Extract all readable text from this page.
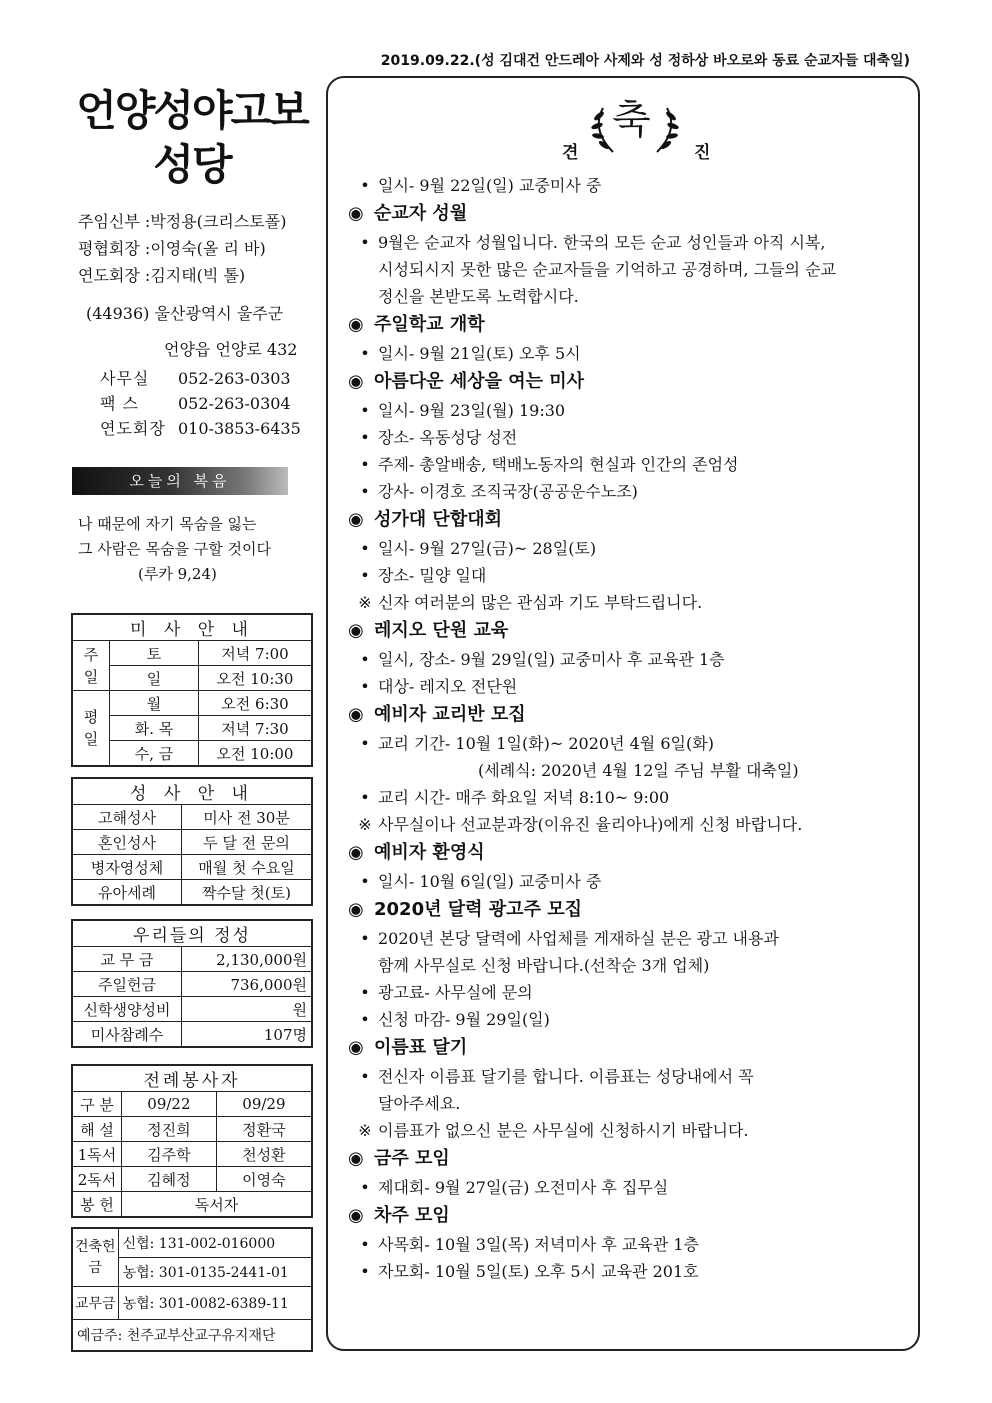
2019.09.22.(성 김대건 안드레아 사제와 성 정하상 바오로와 동료 순교자들 대축일)
언양성야고보
성당
주임신부 :박정용(크리스토폴)
평협회장 :이영숙(올 리 바)
연도회장 :김지태(빅 톨)
(44936) 울산광역시 울주군
언양읍 언양로 432
사무실	052-263-0303
팩 스	052-263-0304
연도회장 010-3853-6435
오늘의 복음
나 때문에 자기 목숨을 잃는
그 사람은 목숨을 구할 것이다
(루카 9,24)
미 사 안 내		
주일	토	저녁 7:00
	일	오전 10:30
평일	월	오전 6:30
	화. 목	저녁 7:30
	수, 금	오전 10:00
성 사 안 내	
고해성사	미사 전 30분
혼인성사	두 달 전 문의
병자영성체	매월 첫 수요일
유아세례	짝수달 첫(토)
우리들의 정성	
교 무 금	2,130,000원
주일헌금	736,000원
신학생양성비	원
미사참례수	107명
전례봉사자		
구 분	09/22	09/29
해 설	정진희	정환국
1독서	김주학	천성환
2독서	김혜정	이영숙
봉 헌	독서자	
건축헌금	신협: 131-002-016000
	농협: 301-0135-2441-01
교무금	농협: 301-0082-6389-11
예금주: 천주교부산교구유지재단	
축
견	진
• 일시- 9월 22일(일) 교중미사 중
◉ 순교자 성월
• 9월은 순교자 성월입니다. 한국의 모든 순교 성인들과 아직 시복,
시성되시지 못한 많은 순교자들을 기억하고 공경하며, 그들의 순교
정신을 본받도록 노력합시다.
◉ 주일학교 개학
• 일시- 9월 21일(토) 오후 5시
◉ 아름다운 세상을 여는 미사
• 일시- 9월 23일(월) 19:30
• 장소- 옥동성당 성전
• 주제- 총알배송, 택배노동자의 현실과 인간의 존엄성
• 강사- 이경호 조직국장(공공운수노조)
◉ 성가대 단합대회
• 일시- 9월 27일(금)~ 28일(토)
• 장소- 밀양 일대
※ 신자 여러분의 많은 관심과 기도 부탁드립니다.
◉ 레지오 단원 교육
• 일시, 장소- 9월 29일(일) 교중미사 후 교육관 1층
• 대상- 레지오 전단원
◉ 예비자 교리반 모집
• 교리 기간- 10월 1일(화)~ 2020년 4월 6일(화)
(세례식: 2020년 4월 12일 주님 부활 대축일)
• 교리 시간- 매주 화요일 저녁 8:10~ 9:00
※ 사무실이나 선교분과장(이유진 율리아나)에게 신청 바랍니다.
◉ 예비자 환영식
• 일시- 10월 6일(일) 교중미사 중
◉ 2020년 달력 광고주 모집
• 2020년 본당 달력에 사업체를 게재하실 분은 광고 내용과
함께 사무실로 신청 바랍니다.(선착순 3개 업체)
• 광고료- 사무실에 문의
• 신청 마감- 9월 29일(일)
◉ 이름표 달기
• 전신자 이름표 달기를 합니다. 이름표는 성당내에서 꼭
달아주세요.
※ 이름표가 없으신 분은 사무실에 신청하시기 바랍니다.
◉ 금주 모임
• 제대회- 9월 27일(금) 오전미사 후 집무실
◉ 차주 모임
• 사목회- 10월 3일(목) 저녁미사 후 교육관 1층
• 자모회- 10월 5일(토) 오후 5시 교육관 201호
